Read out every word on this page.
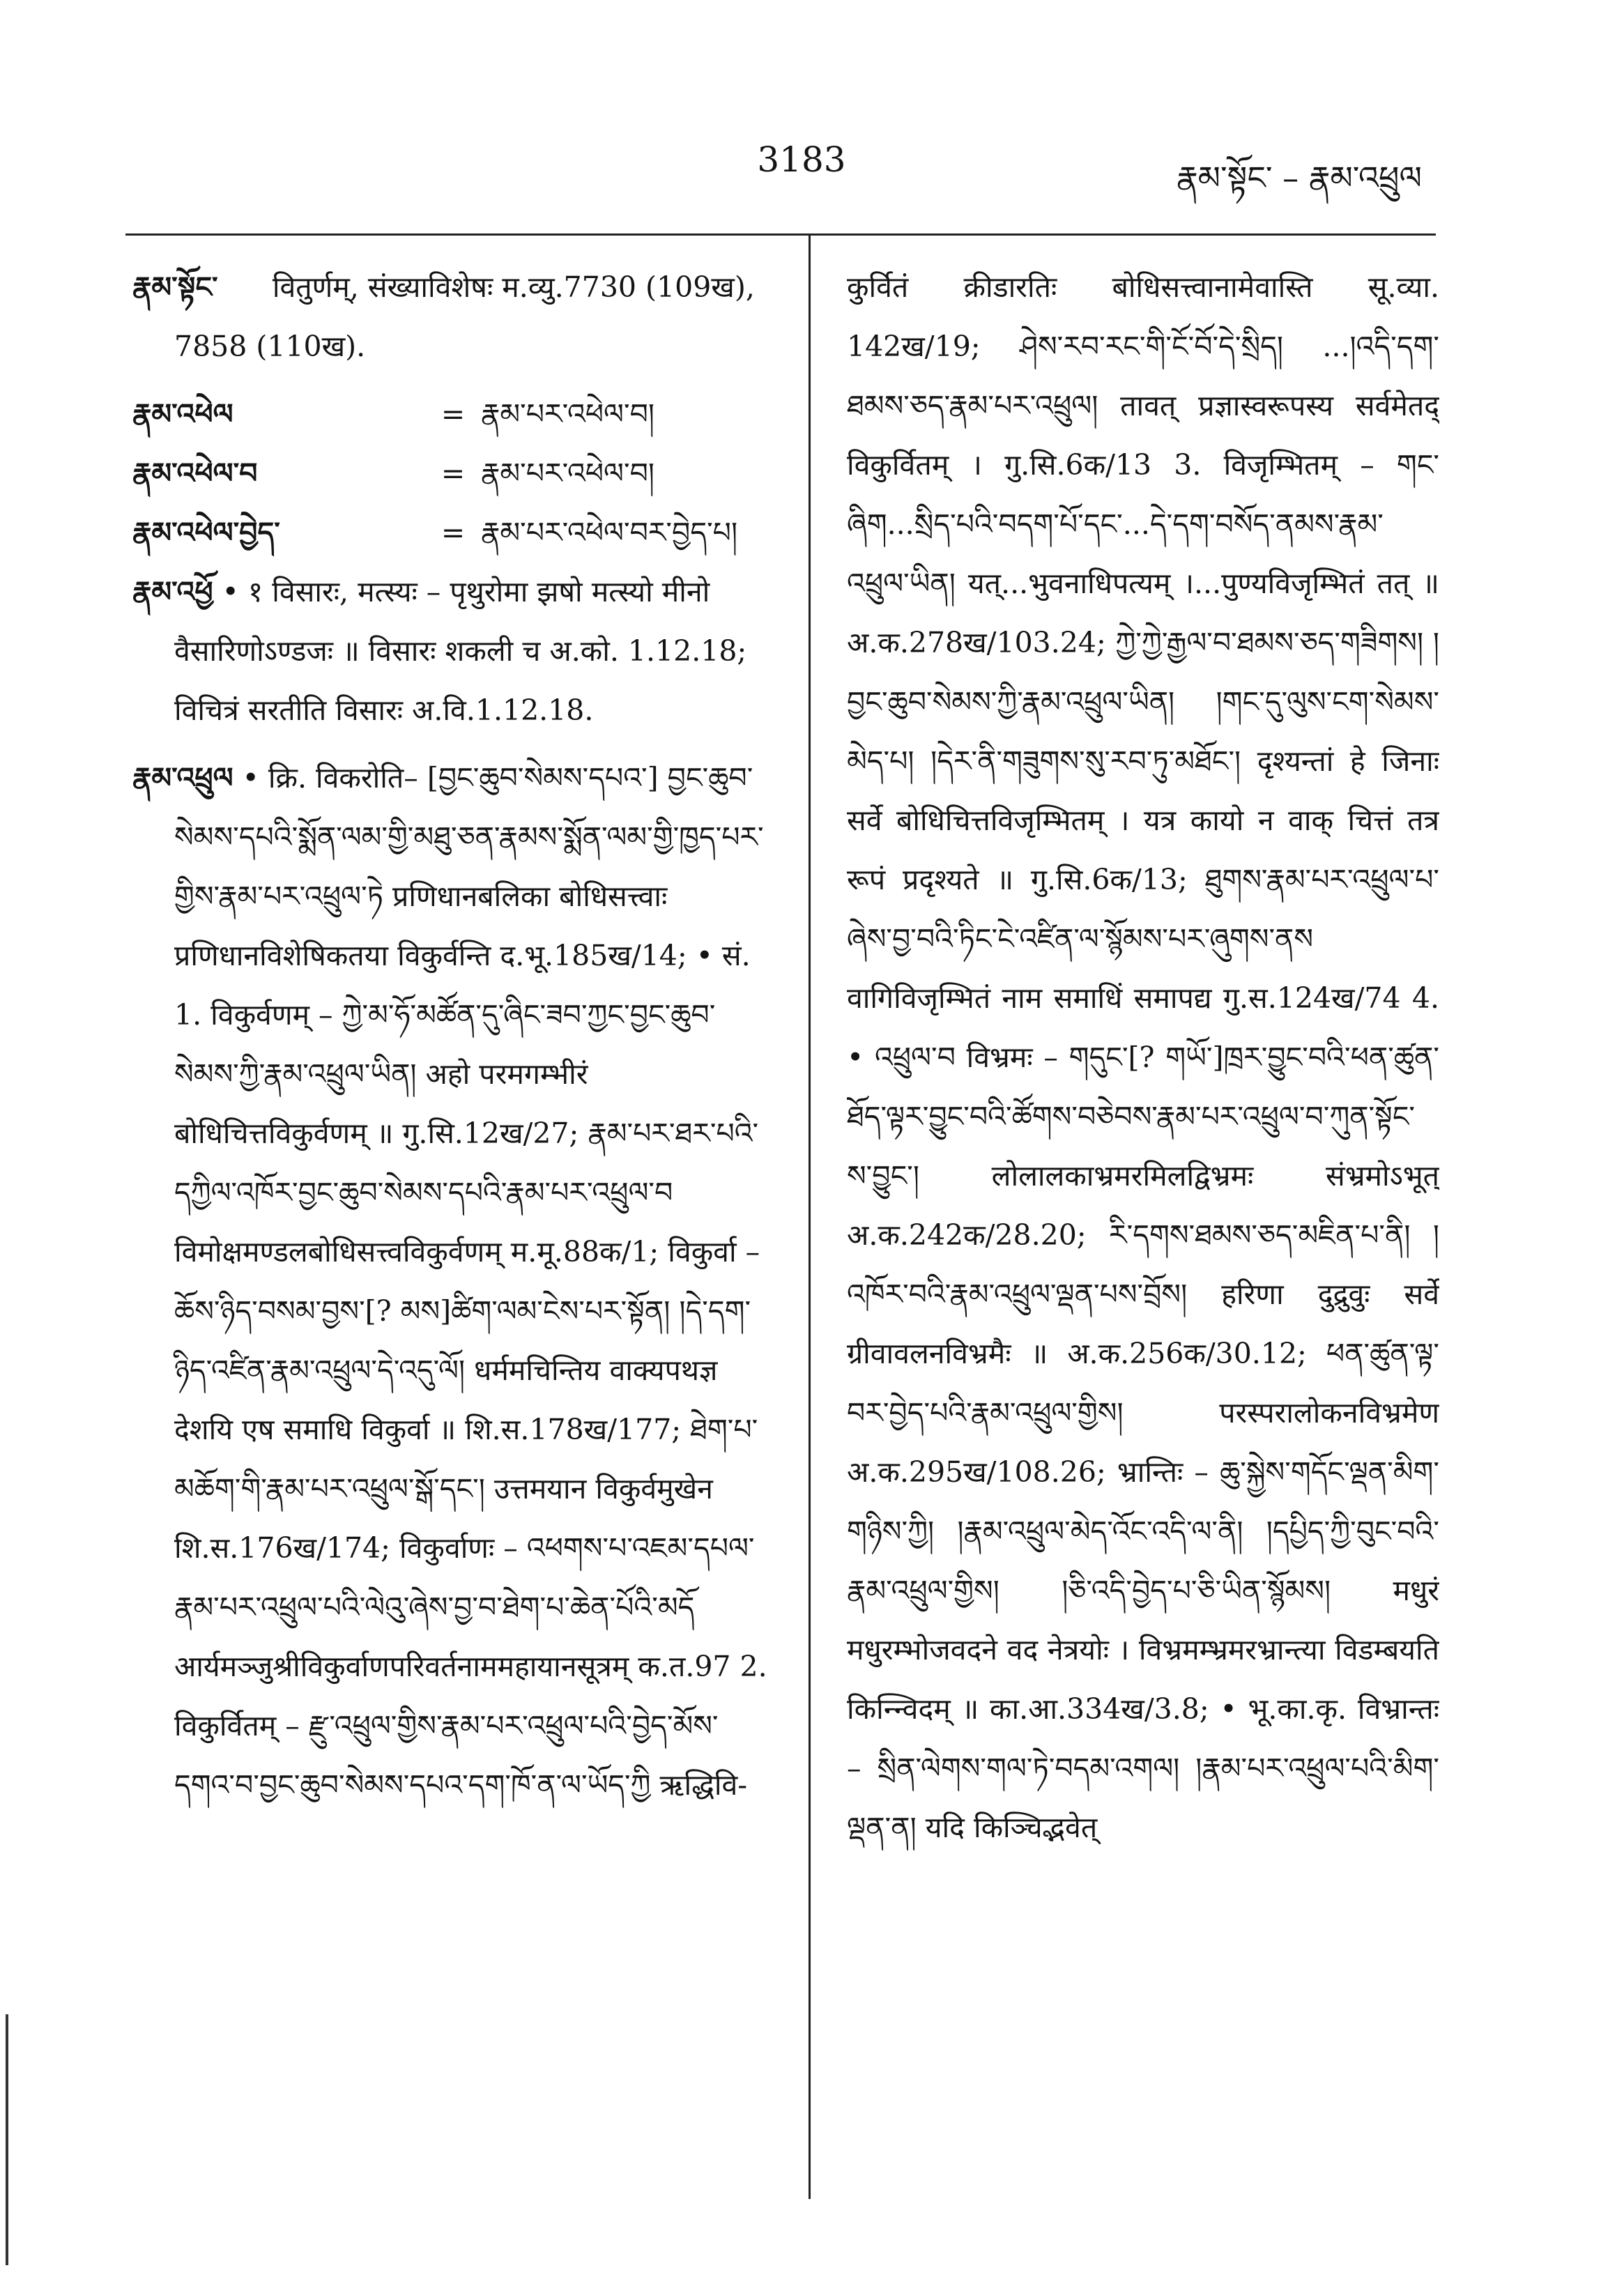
3183	རྣམ་སྟོང་ – རྣམ་འཕྲུལ
རྣམ་སྟོང་ वितुर्णम्, संख्याविशेषः म.व्यु.7730 (109ख), 7858 (110ख).
རྣམ་འཕེལ	= རྣམ་པར་འཕེལ་བ།
རྣམ་འཕེལ་བ	= རྣམ་པར་འཕེལ་བ།
རྣམ་འཕེལ་བྱེད་	= རྣམ་པར་འཕེལ་བར་བྱེད་པ།
རྣམ་འཕྱོ • १ विसारः, मत्स्यः – पृथुरोमा झषो मत्स्यो मीनो वैसारिणोऽण्डजः ॥ विसारः शकली च अ.को. 1.12.18; विचित्रं सरतीति विसारः अ.वि.1.12.18.
རྣམ་འཕྲུལ • क्रि. विकरोति– [བྱང་ཆུབ་སེམས་དཔའ་] བྱང་ཆུབ་སེམས་དཔའི་སྨོན་ལམ་གྱི་མཐུ་ཅན་རྣམས་སྨོན་ལམ་གྱི་ཁྱད་པར་གྱིས་རྣམ་པར་འཕྲུལ་ཏེ प्रणिधानबलिका बोधिसत्त्वाः प्रणिधानविशेषिकतया विकुर्वन्ति द.भू.185ख/14; • सं. 1. विकुर्वणम् – ཀྱེ་མ་ཧོ་མཚོན་དུ་ཞིང་ཟབ་ཀྱང་བྱང་ཆུབ་སེམས་ཀྱི་རྣམ་འཕྲུལ་ཡིན། अहो परमगम्भीरं बोधिचित्तविकुर्वणम् ॥ गु.सि.12ख/27; རྣམ་པར་ཐར་པའི་དཀྱིལ་འཁོར་བྱང་ཆུབ་སེམས་དཔའི་རྣམ་པར་འཕྲུལ་བ विमोक्षमण्डलबोधिसत्त्वविकुर्वणम् म.मू.88क/1; विकुर्वा – ཆོས་ཉིད་བསམ་བྱས་[? མས]ཚིག་ལམ་ངེས་པར་སྟོན། །དེ་དག་ཉིད་འཛིན་རྣམ་འཕྲུལ་དེ་འདུ་ལོ། धर्ममचिन्तिय वाक्यपथज्ञ देशयि एष समाधि विकुर्वा ॥ शि.स.178ख/177; ཐེག་པ་མཆོག་གི་རྣམ་པར་འཕྲུལ་སྒོ་དང་། उत्तमयान विकुर्वमुखेन शि.स.176ख/174; विकुर्वाणः – འཕགས་པ་འཇམ་དཔལ་རྣམ་པར་འཕྲུལ་པའི་ལེའུ་ཞེས་བྱ་བ་ཐེག་པ་ཆེན་པོའི་མདོ आर्यमञ्जुश्रीविकुर्वाणपरिवर्तनाममहायानसूत्रम् क.त.97 2. विकुर्वितम् – རྫུ་འཕྲུལ་གྱིས་རྣམ་པར་འཕྲུལ་པའི་བྱེད་མོས་དགའ་བ་བྱང་ཆུབ་སེམས་དཔའ་དག་ཁོ་ན་ལ་ཡོད་ཀྱི ऋद्धिवि-
कुर्वितं क्रीडारतिः बोधिसत्त्वानामेवास्ति सू.व्या. 142ख/19; ཤེས་རབ་རང་གི་ངོ་བོ་དེ་སྲིད། ...།འདི་དག་ཐམས་ཅད་རྣམ་པར་འཕྲུལ། तावत् प्रज्ञास्वरूपस्य सर्वमेतद् विकुर्वितम् । गु.सि.6क/13 3. विजृम्भितम् – གང་ཞིག...སྲིད་པའི་བདག་པོ་དང་...དེ་དག་བསོད་ནམས་རྣམ་འཕྲུལ་ཡིན། यत्...भुवनाधिपत्यम् ।...पुण्यविजृम्भितं तत् ॥ अ.क.278ख/103.24; ཀྱེ་ཀྱེ་རྒྱལ་བ་ཐམས་ཅད་གཟིགས། །བྱང་ཆུབ་སེམས་ཀྱི་རྣམ་འཕྲུལ་ཡིན། །གང་དུ་ལུས་ངག་སེམས་མེད་པ། །དེར་ནི་གཟུགས་སུ་རབ་ཏུ་མཐོང་། दृश्यन्तां हे जिनाः सर्वे बोधिचित्तविजृम्भितम् । यत्र कायो न वाक् चित्तं तत्र रूपं प्रदृश्यते ॥ गु.सि.6क/13; ཐུགས་རྣམ་པར་འཕྲུལ་པ་ཞེས་བྱ་བའི་ཏིང་ངེ་འཛིན་ལ་སྙོམས་པར་ཞུགས་ནས वागिविजृम्भितं नाम समाधिं समापद्य गु.स.124ख/74 4. • འཕྲུལ་བ विभ्रमः – གདུང་[? གཡོ་]ཁྲར་བྱུང་བའི་ཕན་ཚུན་ཐོད་ལྟར་བྱུང་བའི་ཚོགས་བཅེབས་རྣམ་པར་འཕྲུལ་བ་ཀུན་སྟོང་ས་བྱུང་། लोलालकाभ्रमरमिलद्विभ्रमः संभ्रमोऽभूत् अ.क.242क/28.20; རི་དགས་ཐམས་ཅད་མཇིན་པ་ནི། །འཁོར་བའི་རྣམ་འཕྲུལ་ལྡན་པས་བྲོས། हरिणा दुद्रुवुः सर्वे ग्रीवावलनविभ्रमैः ॥ अ.क.256क/30.12; ཕན་ཚུན་ལྟ་བར་བྱེད་པའི་རྣམ་འཕྲུལ་གྱིས། परस्परालोकनविभ्रमेण अ.क.295ख/108.26; भ्रान्तिः – ཆུ་སྐྱེས་གདོང་ལྡན་མིག་གཉིས་ཀྱི། །རྣམ་འཕྲུལ་མེད་འོང་འདི་ལ་ནི། །དཔྱིད་ཀྱི་བུང་བའི་རྣམ་འཕྲུལ་གྱིས། །ཅི་འདི་བྱེད་པ་ཅི་ཡིན་སྙོམས། मधुरं मधुरम्भोजवदने वद नेत्रयोः । विभ्रमम्भ्रमरभ्रान्त्या विडम्बयति किन्न्विदम् ॥ का.आ.334ख/3.8; • भू.का.कृ. विभ्रान्तः – སྲིན་ལེགས་གལ་ཏེ་བདམ་འགལ། །རྣམ་པར་འཕྲུལ་པའི་མིག་ལྡན་ན། यदि किञ्चिद्भवेत्
